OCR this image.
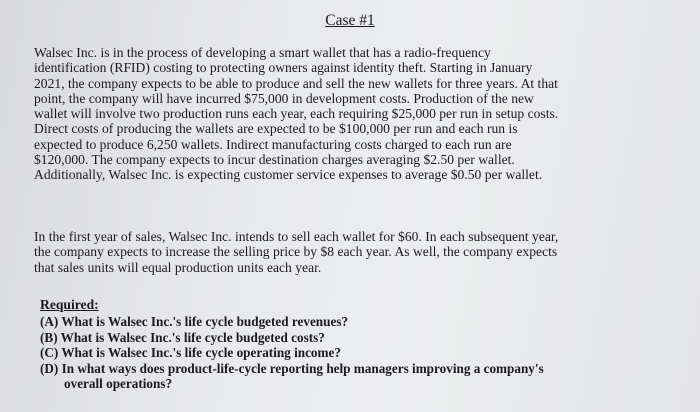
Case #1
Walsec Inc. is in the process of developing a smart wallet that has a radio-frequency
identification (RFID) costing to protecting owners against identity theft. Starting in January
2021, the company expects to be able to produce and sell the new wallets for three years. At that
point, the company will have incurred $75,000 in development costs. Production of the new
wallet will involve two production runs each year, each requiring $25,000 per run in setup costs.
Direct costs of producing the wallets are expected to be $100,000 per run and each run is
expected to produce 6,250 wallets. Indirect manufacturing costs charged to each run are
$120,000. The company expects to incur destination charges averaging $2.50 per wallet.
Additionally, Walsec Inc. is expecting customer service expenses to average $0.50 per wallet.
In the first year of sales, Walsec Inc. intends to sell each wallet for $60. In each subsequent year,
the company expects to increase the selling price by $8 each year. As well, the company expects
that sales units will equal production units each year.
Required:
(A) What is Walsec Inc.'s life cycle budgeted revenues?
(B) What is Walsec Inc.'s life cycle budgeted costs?
(C) What is Walsec Inc.'s life cycle operating income?
(D) In what ways does product-life-cycle reporting help managers improving a company's
overall operations?
